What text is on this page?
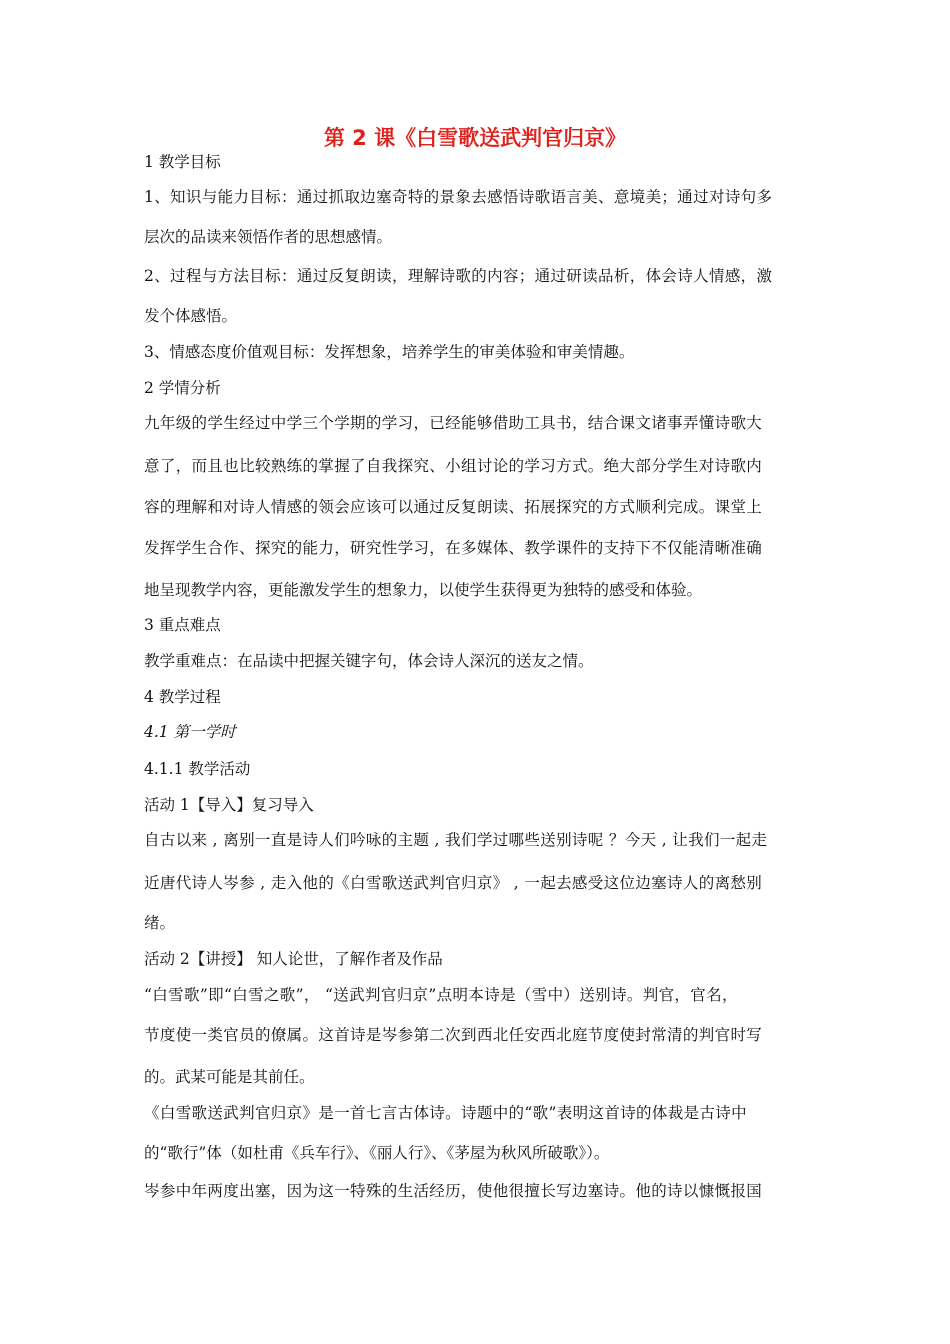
第 2 课《白雪歌送武判官归京》

1 教学目标

1、知识与能力目标：通过抓取边塞奇特的景象去感悟诗歌语言美、意境美；通过对诗句多

层次的品读来领悟作者的思想感情。

2、过程与方法目标：通过反复朗读，理解诗歌的内容；通过研读品析，体会诗人情感，激

发个体感悟。

3、情感态度价值观目标：发挥想象，培养学生的审美体验和审美情趣。

2 学情分析

九年级的学生经过中学三个学期的学习，已经能够借助工具书，结合课文诸事弄懂诗歌大

意了，而且也比较熟练的掌握了自我探究、小组讨论的学习方式。绝大部分学生对诗歌内

容的理解和对诗人情感的领会应该可以通过反复朗读、拓展探究的方式顺利完成。课堂上

发挥学生合作、探究的能力，研究性学习，在多媒体、教学课件的支持下不仅能清晰准确

地呈现教学内容，更能激发学生的想象力，以使学生获得更为独特的感受和体验。

3 重点难点

教学重难点：在品读中把握关键字句，体会诗人深沉的送友之情。

4 教学过程

4.1 第一学时

4.1.1 教学活动

活动 1【导入】复习导入

自古以来 , 离别一直是诗人们吟咏的主题 , 我们学过哪些送别诗呢 ？今天 , 让我们一起走

近唐代诗人岑参 , 走入他的《白雪歌送武判官归京》 , 一起去感受这位边塞诗人的离愁别

绪。

活动 2【讲授】 知人论世，了解作者及作品

“白雪歌”即“白雪之歌”， “送武判官归京”点明本诗是（雪中）送别诗。判官，官名，

节度使一类官员的僚属。这首诗是岑参第二次到西北任安西北庭节度使封常清的判官时写

的。武某可能是其前任。

《白雪歌送武判官归京》是一首七言古体诗。诗题中的“歌”表明这首诗的体裁是古诗中

的“歌行”体（如杜甫《兵车行》、《丽人行》、《茅屋为秋风所破歌》）。

岑参中年两度出塞，因为这一特殊的生活经历，使他很擅长写边塞诗。他的诗以慷慨报国
